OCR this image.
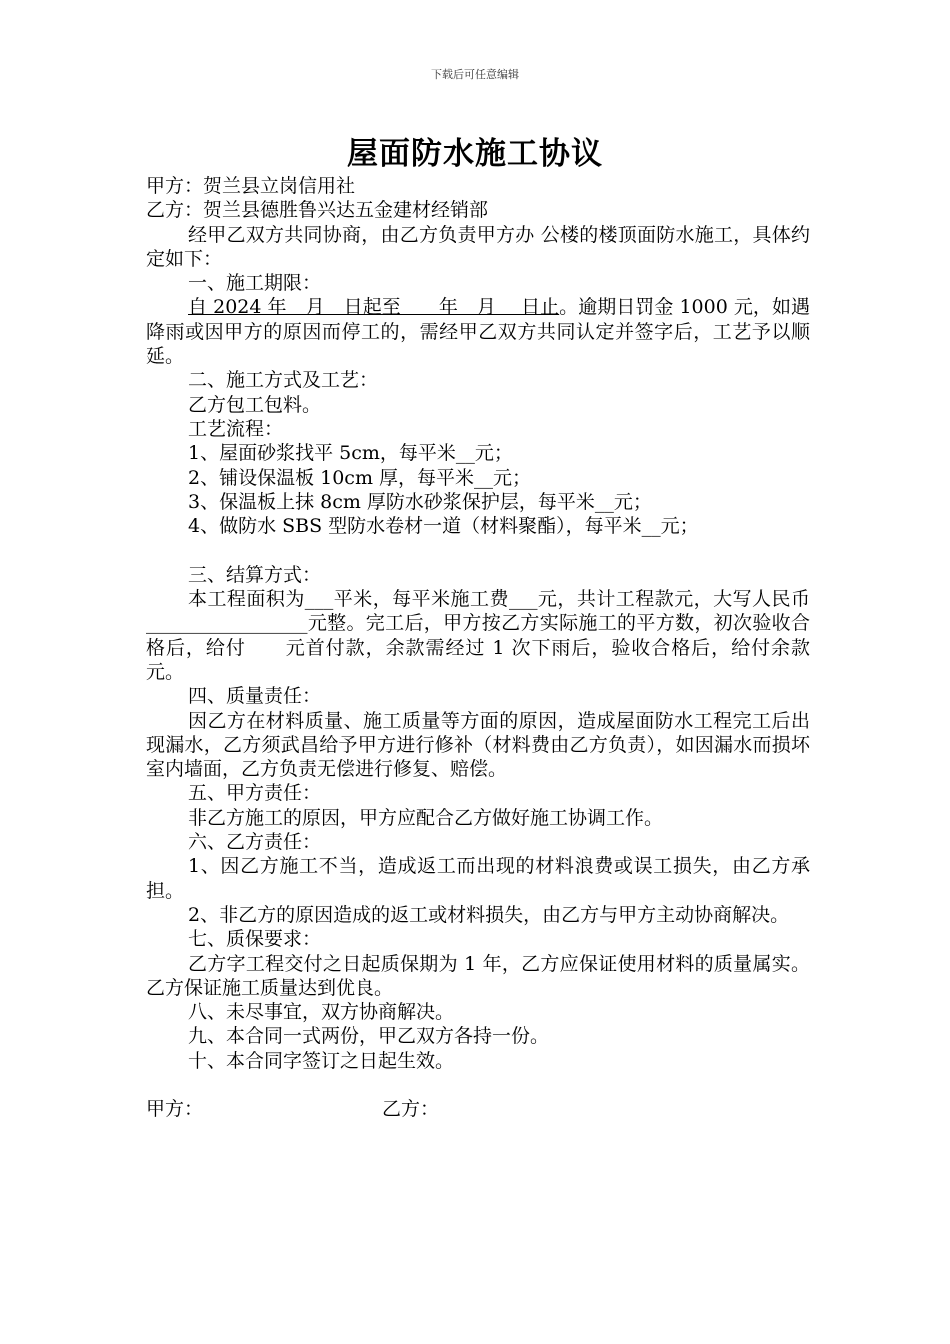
下载后可任意编辑
屋面防水施工协议

甲方：贺兰县立岗信用社

乙方：贺兰县德胜鲁兴达五金建材经销部

经甲乙双方共同协商，由乙方负责甲方办 公楼的楼顶面防水施工，具体约定如下：

一、施工期限：

自 2024 年　月　日起至　　年　月　 日止。逾期日罚金 1000 元，如遇降雨或因甲方的原因而停工的，需经甲乙双方共同认定并签字后，工艺予以顺延。

二、施工方式及工艺：

乙方包工包料。

工艺流程：

1、屋面砂浆找平 5cm，每平米__元；

2、铺设保温板 10cm 厚，每平米__元；

3、保温板上抹 8cm 厚防水砂浆保护层，每平米__元；

4、做防水 SBS 型防水卷材一道（材料聚酯），每平米__元；

三、结算方式：

本工程面积为___平米，每平米施工费___元，共计工程款元，大写人民币_________________元整。完工后，甲方按乙方实际施工的平方数，初次验收合格后，给付　　元首付款，余款需经过 1 次下雨后，验收合格后，给付余款　　元。

四、质量责任：

因乙方在材料质量、施工质量等方面的原因，造成屋面防水工程完工后出现漏水，乙方须武昌给予甲方进行修补（材料费由乙方负责），如因漏水而损坏室内墙面，乙方负责无偿进行修复、赔偿。

五、甲方责任：

非乙方施工的原因，甲方应配合乙方做好施工协调工作。

六、乙方责任：

1、因乙方施工不当，造成返工而出现的材料浪费或误工损失，由乙方承担。

2、非乙方的原因造成的返工或材料损失，由乙方与甲方主动协商解决。

七、质保要求：

乙方字工程交付之日起质保期为 1 年，乙方应保证使用材料的质量属实。乙方保证施工质量达到优良。

八、未尽事宜，双方协商解决。

九、本合同一式两份，甲乙双方各持一份。

十、本合同字签订之日起生效。

甲方：	乙方：
